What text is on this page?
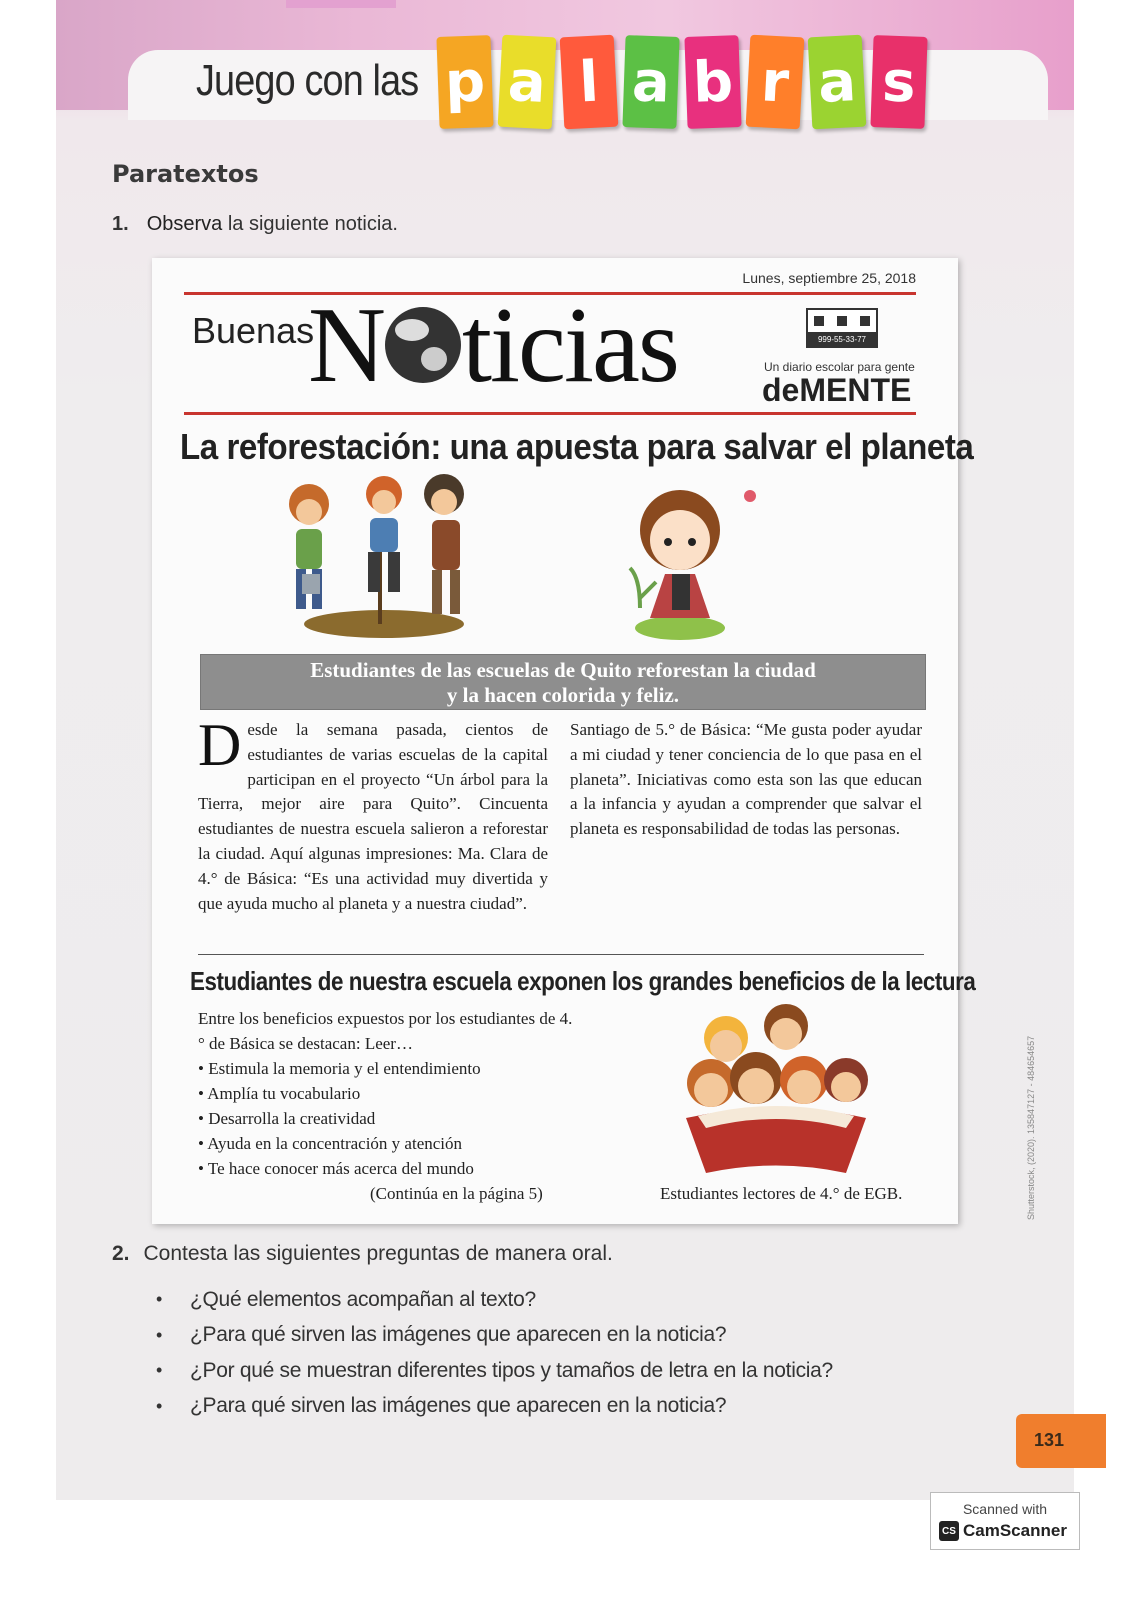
Juego con las p a l a b r a s
Paratextos
1. Observa la siguiente noticia.
Lunes, septiembre 25, 2018
Buenas
N ticias	999-55-33-77
Un diario escolar para gente
deMENTE
La reforestación: una apuesta para salvar el planeta
Estudiantes de las escuelas de Quito reforestan la ciudad
y la hacen colorida y feliz.
Desde la semana pasada, cientos de estudiantes de varias escuelas de la capital participan en el proyecto “Un árbol para la Tierra, mejor aire para Quito”. Cincuenta estudiantes de nuestra escuela salieron a reforestar la ciudad. Aquí algunas impresiones: Ma. Clara de 4.° de Básica: “Es una actividad muy divertida y que ayuda mucho al planeta y a nuestra ciudad”.
Santiago de 5.° de Básica: “Me gusta poder ayudar a mi ciudad y tener conciencia de lo que pasa en el planeta”. Iniciativas como esta son las que educan a la infancia y ayudan a comprender que salvar el planeta es responsabilidad de todas las personas.
Estudiantes de nuestra escuela exponen los grandes beneficios de la lectura
Entre los beneficios expuestos por los estudiantes de 4.° de Básica se destacan: Leer…
• Estimula la memoria y el entendimiento
• Amplía tu vocabulario
• Desarrolla la creatividad
• Ayuda en la concentración y atención
• Te hace conocer más acerca del mundo
(Continúa en la página 5)	Estudiantes lectores de 4.° de EGB.	Shutterstock, (2020). 135847127 - 484654657
2. Contesta las siguientes preguntas de manera oral.
•	¿Qué elementos acompañan al texto?
•	¿Para qué sirven las imágenes que aparecen en la noticia?
•	¿Por qué se muestran diferentes tipos y tamaños de letra en la noticia?
•	¿Para qué sirven las imágenes que aparecen en la noticia?
131
Scanned with
CS CamScanner
